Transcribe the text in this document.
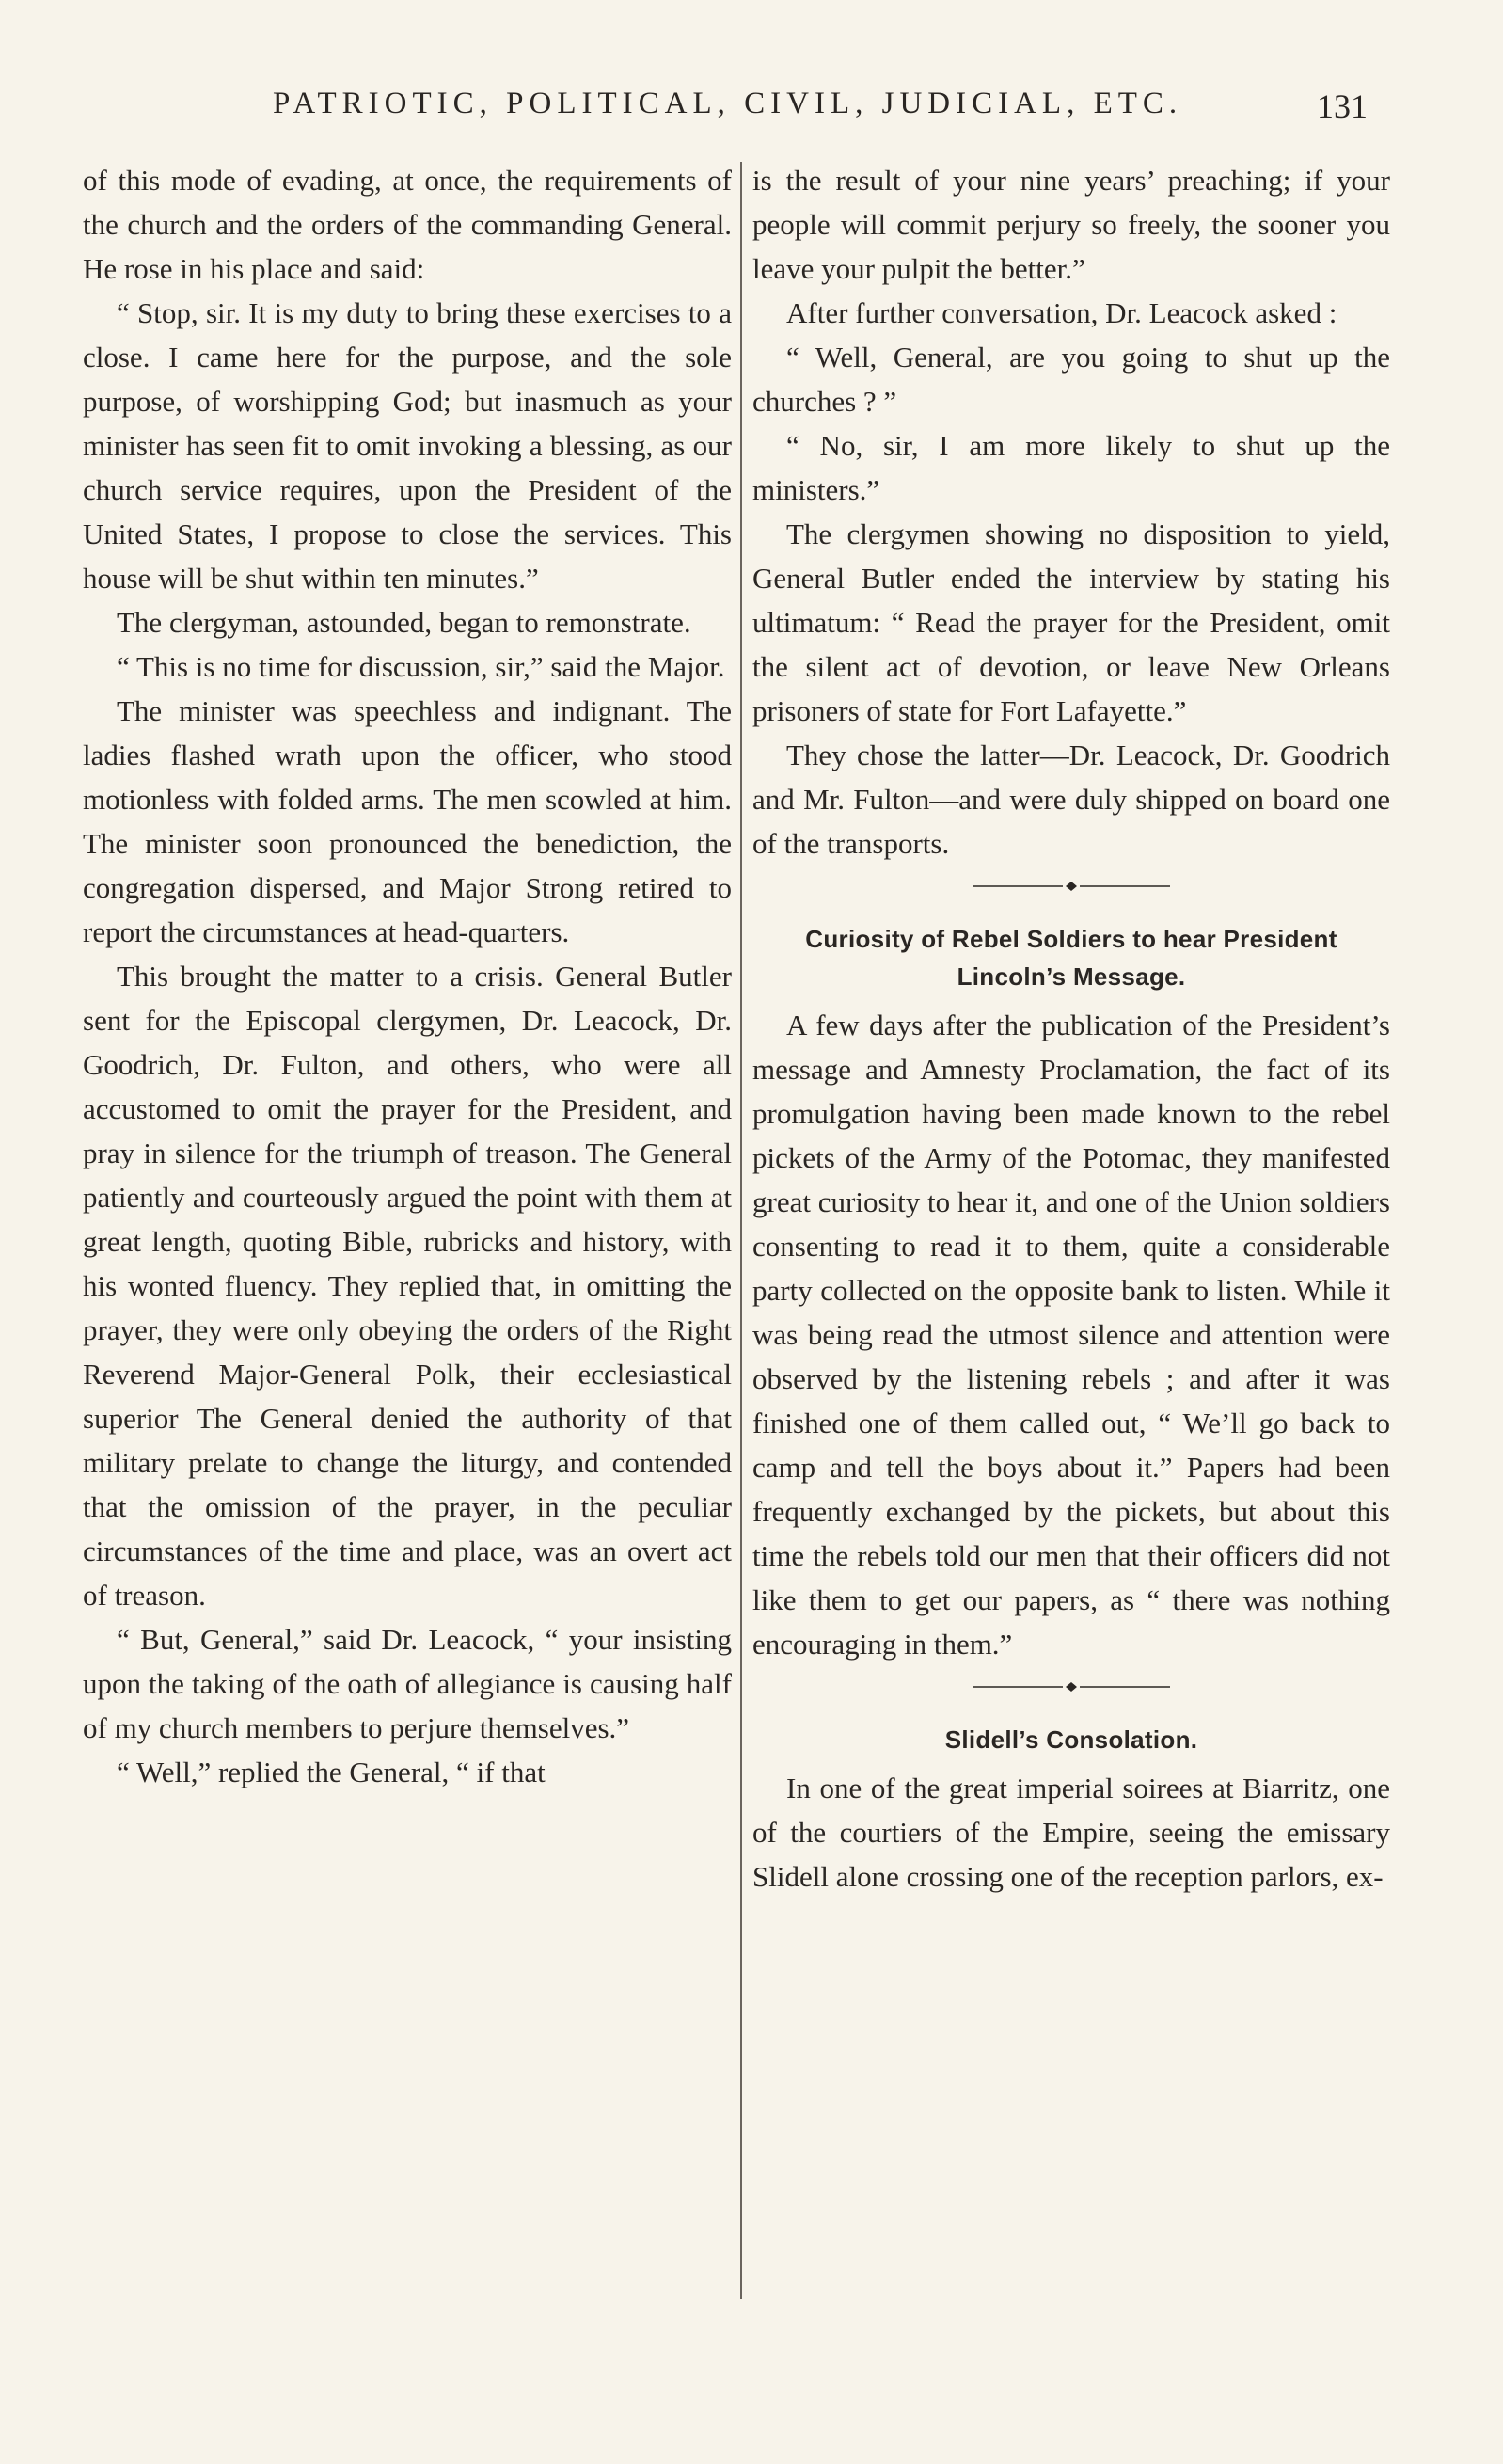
PATRIOTIC, POLITICAL, CIVIL, JUDICIAL, ETC.	131

of this mode of evading, at once, the requirements of the church and the orders of the commanding General. He rose in his place and said:

“ Stop, sir. It is my duty to bring these exercises to a close. I came here for the purpose, and the sole purpose, of worshipping God; but inasmuch as your minister has seen fit to omit invoking a blessing, as our church service requires, upon the President of the United States, I propose to close the services. This house will be shut within ten minutes.”

The clergyman, astounded, began to remonstrate.

“ This is no time for discussion, sir,” said the Major.

The minister was speechless and indignant. The ladies flashed wrath upon the officer, who stood motionless with folded arms. The men scowled at him. The minister soon pronounced the benediction, the congregation dispersed, and Major Strong retired to report the circumstances at head-quarters.

This brought the matter to a crisis. General Butler sent for the Episcopal clergymen, Dr. Leacock, Dr. Goodrich, Dr. Fulton, and others, who were all accustomed to omit the prayer for the President, and pray in silence for the triumph of treason. The General patiently and courteously argued the point with them at great length, quoting Bible, rubricks and history, with his wonted fluency. They replied that, in omitting the prayer, they were only obeying the orders of the Right Reverend Major-General Polk, their ecclesiastical superior The General denied the authority of that military prelate to change the liturgy, and contended that the omission of the prayer, in the peculiar circumstances of the time and place, was an overt act of treason.

“ But, General,” said Dr. Leacock, “ your insisting upon the taking of the oath of allegiance is causing half of my church members to perjure themselves.”

“ Well,” replied the General, “ if that

is the result of your nine years’ preaching; if your people will commit perjury so freely, the sooner you leave your pulpit the better.”

After further conversation, Dr. Leacock asked :

“ Well, General, are you going to shut up the churches ? ”

“ No, sir, I am more likely to shut up the ministers.”

The clergymen showing no disposition to yield, General Butler ended the interview by stating his ultimatum: “ Read the prayer for the President, omit the silent act of devotion, or leave New Orleans prisoners of state for Fort Lafayette.”

They chose the latter—Dr. Leacock, Dr. Goodrich and Mr. Fulton—and were duly shipped on board one of the transports.

Curiosity of Rebel Soldiers to hear President Lincoln’s Message.

A few days after the publication of the President’s message and Amnesty Proclamation, the fact of its promulgation having been made known to the rebel pickets of the Army of the Potomac, they manifested great curiosity to hear it, and one of the Union soldiers consenting to read it to them, quite a considerable party collected on the opposite bank to listen. While it was being read the utmost silence and attention were observed by the listening rebels ; and after it was finished one of them called out, “ We’ll go back to camp and tell the boys about it.” Papers had been frequently exchanged by the pickets, but about this time the rebels told our men that their officers did not like them to get our papers, as “ there was nothing encouraging in them.”

Slidell’s Consolation.

In one of the great imperial soirees at Biarritz, one of the courtiers of the Empire, seeing the emissary Slidell alone crossing one of the reception parlors, ex-
